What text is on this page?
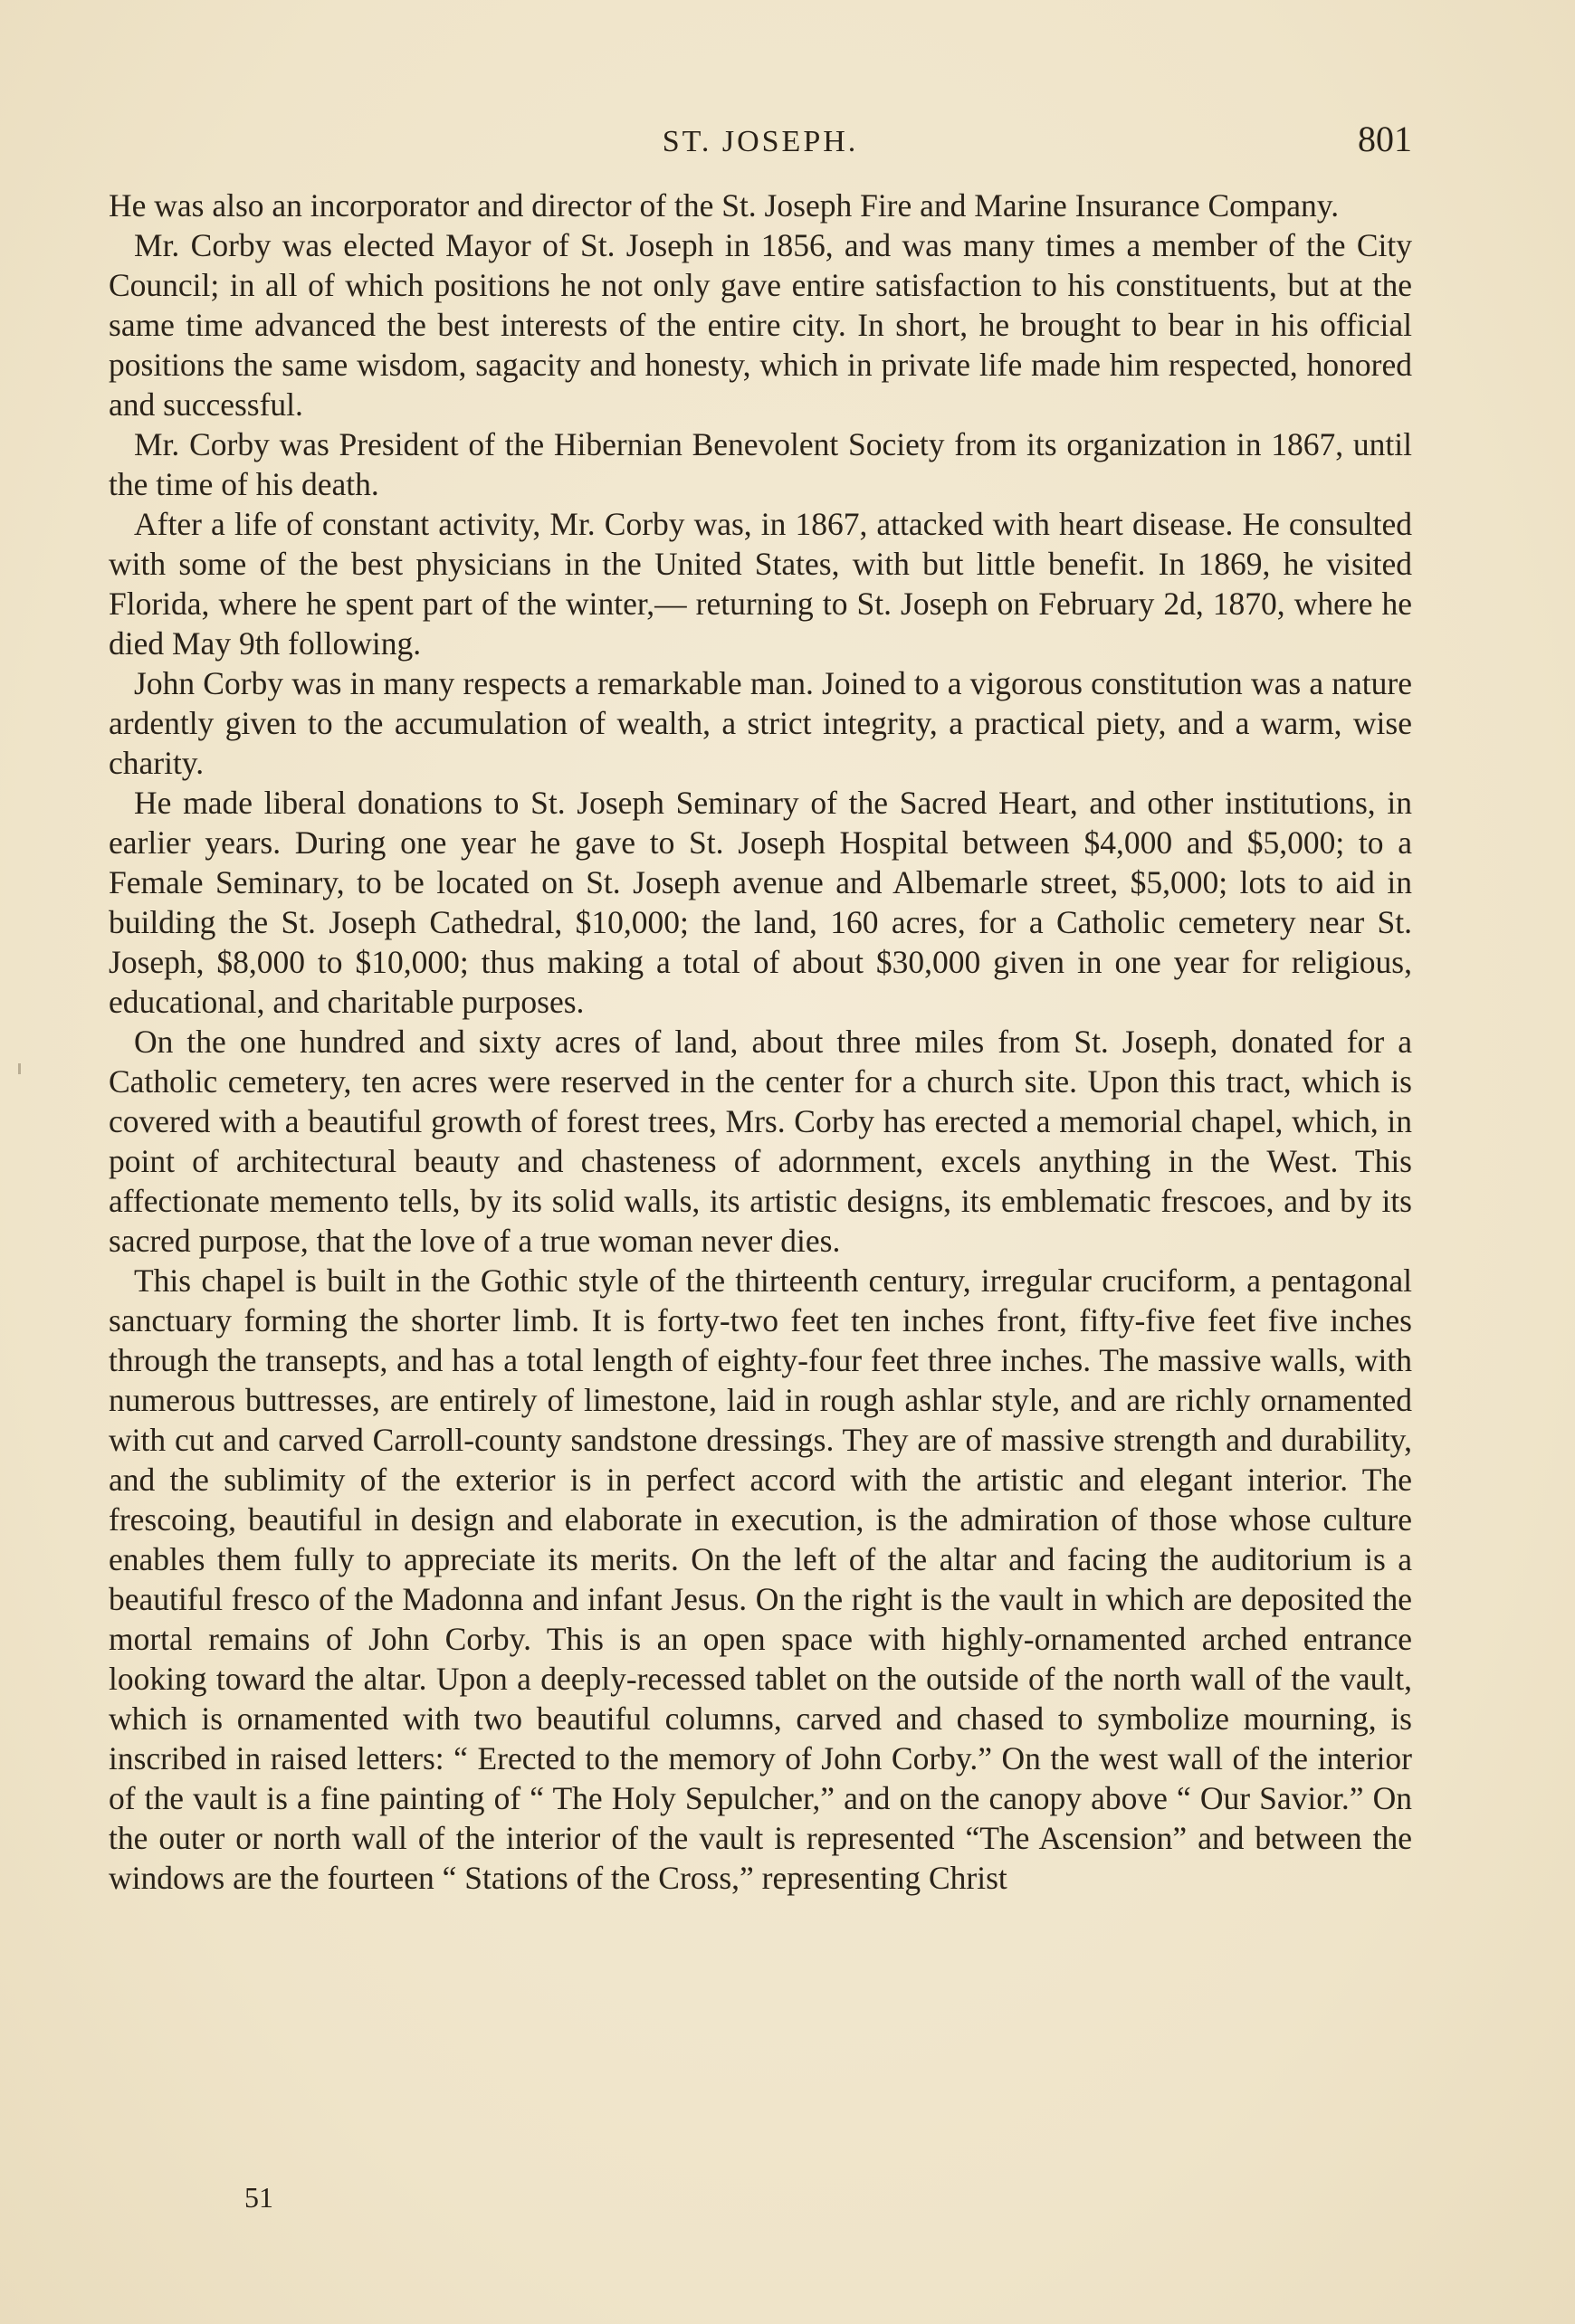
ST. JOSEPH.	801

He was also an incorporator and director of the St. Joseph Fire and Marine Insurance Company.

Mr. Corby was elected Mayor of St. Joseph in 1856, and was many times a member of the City Council; in all of which positions he not only gave entire satisfaction to his constituents, but at the same time advanced the best interests of the entire city. In short, he brought to bear in his official positions the same wisdom, sagacity and honesty, which in private life made him respected, honored and successful.

Mr. Corby was President of the Hibernian Benevolent Society from its organization in 1867, until the time of his death.

After a life of constant activity, Mr. Corby was, in 1867, attacked with heart disease. He consulted with some of the best physicians in the United States, with but little benefit. In 1869, he visited Florida, where he spent part of the winter,— returning to St. Joseph on February 2d, 1870, where he died May 9th following.

John Corby was in many respects a remarkable man. Joined to a vigorous constitution was a nature ardently given to the accumulation of wealth, a strict integrity, a practical piety, and a warm, wise charity.

He made liberal donations to St. Joseph Seminary of the Sacred Heart, and other institutions, in earlier years. During one year he gave to St. Joseph Hospital between $4,000 and $5,000; to a Female Seminary, to be located on St. Joseph avenue and Albemarle street, $5,000; lots to aid in building the St. Joseph Cathedral, $10,000; the land, 160 acres, for a Catholic cemetery near St. Joseph, $8,000 to $10,000; thus making a total of about $30,000 given in one year for religious, educational, and charitable purposes.

On the one hundred and sixty acres of land, about three miles from St. Joseph, donated for a Catholic cemetery, ten acres were reserved in the center for a church site. Upon this tract, which is covered with a beautiful growth of forest trees, Mrs. Corby has erected a memorial chapel, which, in point of architectural beauty and chasteness of adornment, excels anything in the West. This affectionate memento tells, by its solid walls, its artistic designs, its emblematic frescoes, and by its sacred purpose, that the love of a true woman never dies.

This chapel is built in the Gothic style of the thirteenth century, irregular cruciform, a pentagonal sanctuary forming the shorter limb. It is forty-two feet ten inches front, fifty-five feet five inches through the transepts, and has a total length of eighty-four feet three inches. The massive walls, with numerous buttresses, are entirely of limestone, laid in rough ashlar style, and are richly ornamented with cut and carved Carroll-county sandstone dressings. They are of massive strength and durability, and the sublimity of the exterior is in perfect accord with the artistic and elegant interior. The frescoing, beautiful in design and elaborate in execution, is the admiration of those whose culture enables them fully to appreciate its merits. On the left of the altar and facing the auditorium is a beautiful fresco of the Madonna and infant Jesus. On the right is the vault in which are deposited the mortal remains of John Corby. This is an open space with highly-ornamented arched entrance looking toward the altar. Upon a deeply-recessed tablet on the outside of the north wall of the vault, which is ornamented with two beautiful columns, carved and chased to symbolize mourning, is inscribed in raised letters: “ Erected to the memory of John Corby.” On the west wall of the interior of the vault is a fine painting of “ The Holy Sepulcher,” and on the canopy above “ Our Savior.” On the outer or north wall of the interior of the vault is represented “The Ascension” and between the windows are the fourteen “ Stations of the Cross,” representing Christ

51
